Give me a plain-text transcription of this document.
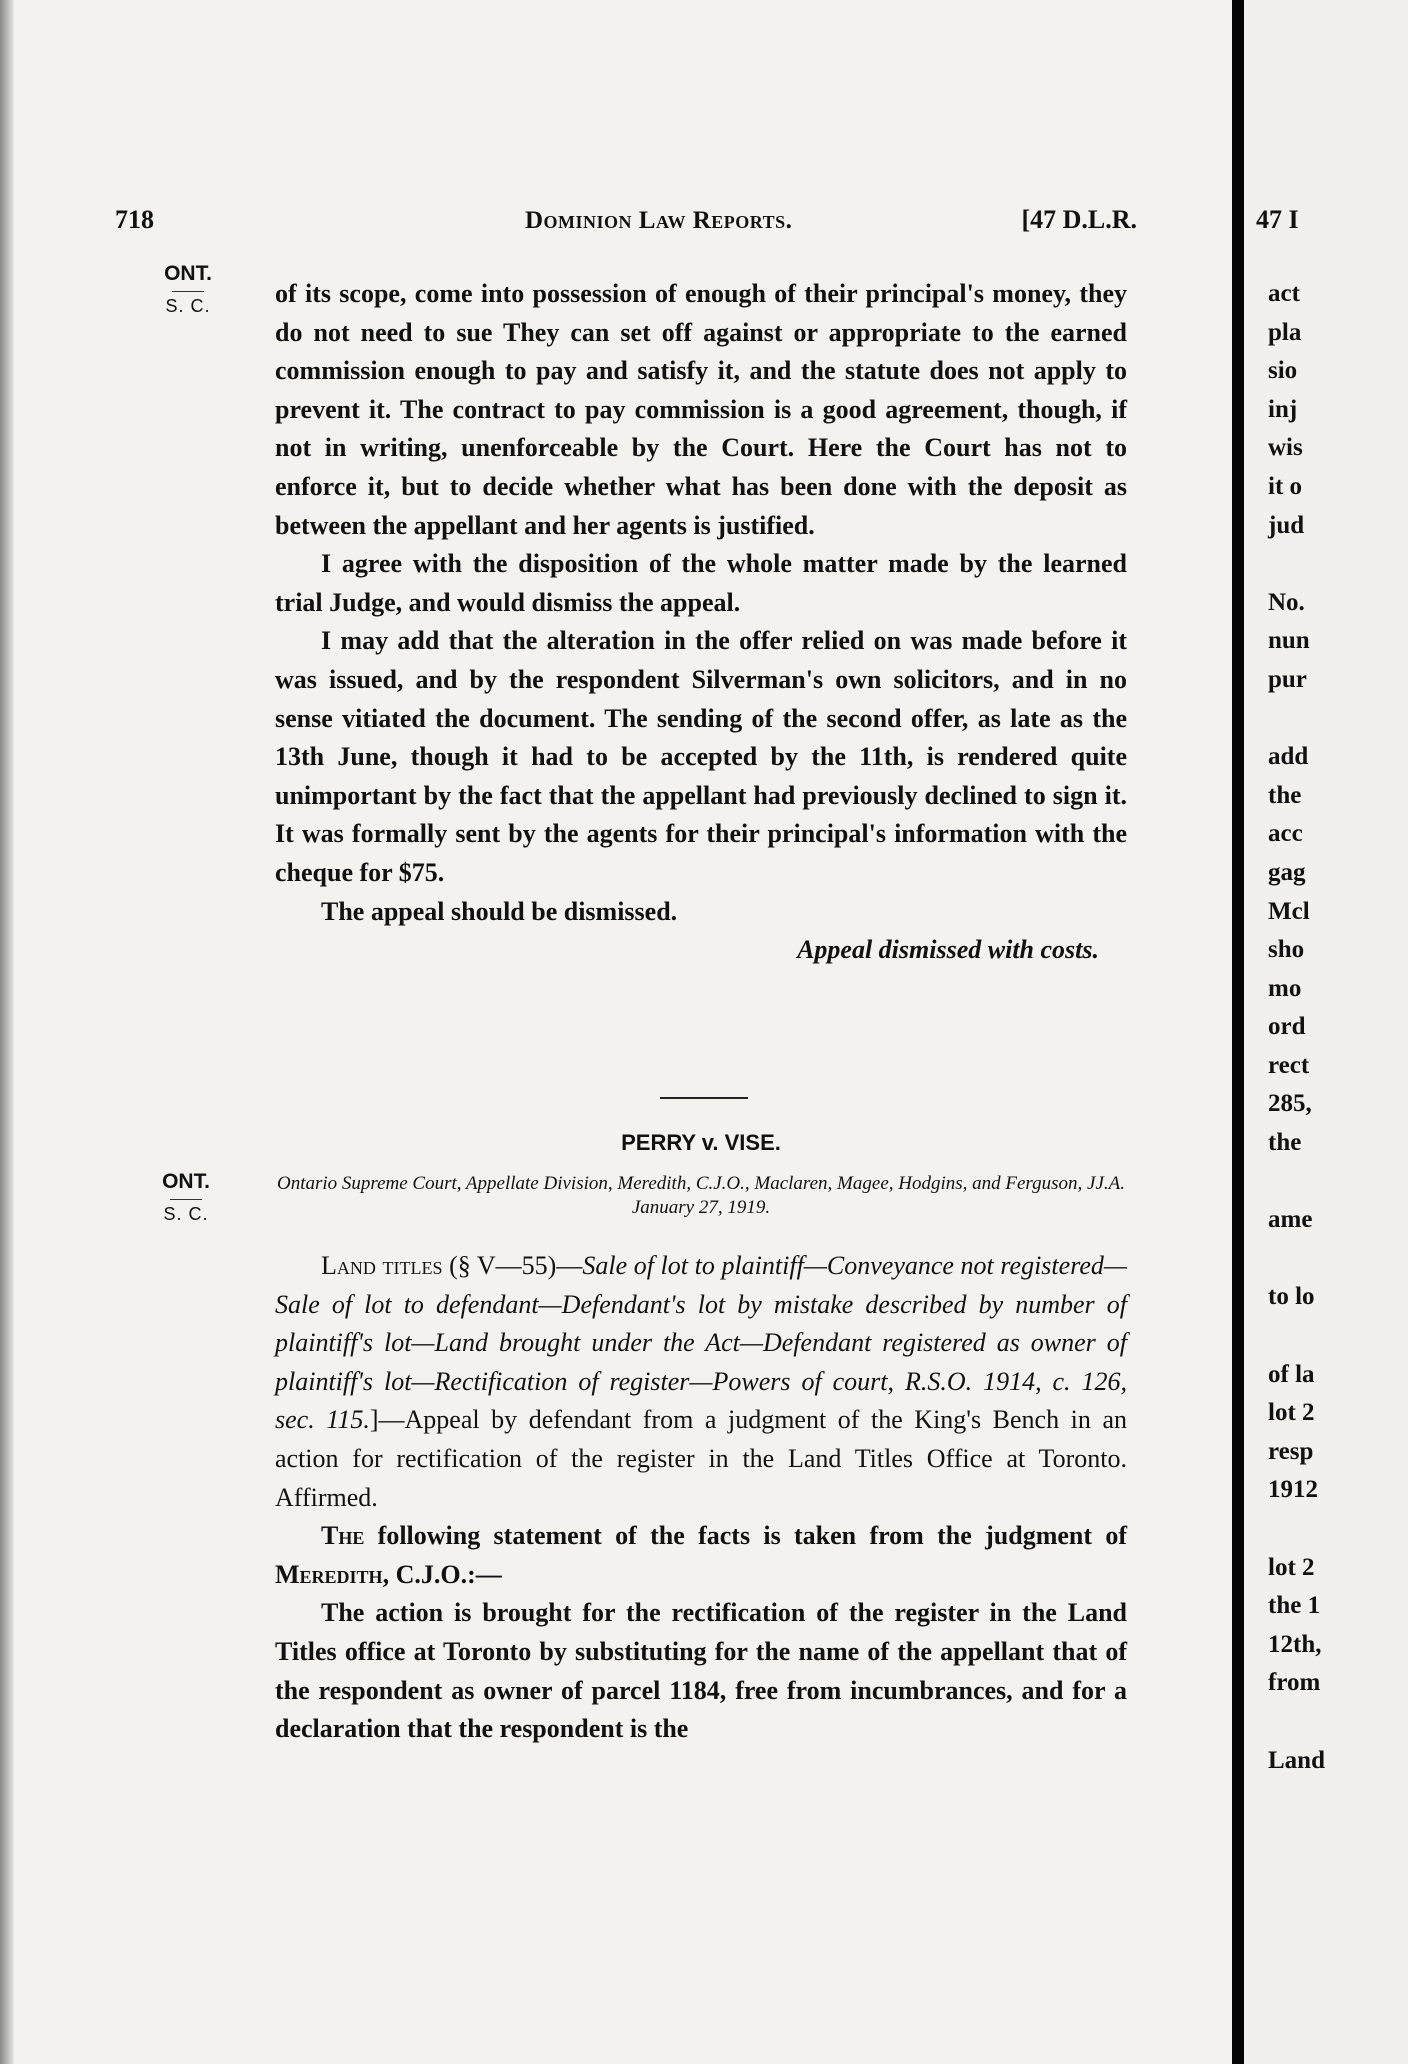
718	Dominion Law Reports.	[47 D.L.R.
ONT.
S. C. of its scope, come into possession of enough of their principal's money, they do not need to sue They can set off against or appropriate to the earned commission enough to pay and satisfy it, and the statute does not apply to prevent it. The contract to pay commission is a good agreement, though, if not in writing, unenforceable by the Court. Here the Court has not to enforce it, but to decide whether what has been done with the deposit as between the appellant and her agents is justified.

I agree with the disposition of the whole matter made by the learned trial Judge, and would dismiss the appeal.

I may add that the alteration in the offer relied on was made before it was issued, and by the respondent Silverman's own solicitors, and in no sense vitiated the document. The sending of the second offer, as late as the 13th June, though it had to be accepted by the 11th, is rendered quite unimportant by the fact that the appellant had previously declined to sign it. It was formally sent by the agents for their principal's information with the cheque for $75.

The appeal should be dismissed.

Appeal dismissed with costs.

PERRY v. VISE.
ONT.
S. C.
Ontario Supreme Court, Appellate Division, Meredith, C.J.O., Maclaren, Magee, Hodgins, and Ferguson, JJ.A. January 27, 1919.

Land titles (§ V—55)—Sale of lot to plaintiff—Conveyance not registered—Sale of lot to defendant—Defendant's lot by mistake described by number of plaintiff's lot—Land brought under the Act—Defendant registered as owner of plaintiff's lot—Rectification of register—Powers of court, R.S.O. 1914, c. 126, sec. 115.]—Appeal by defendant from a judgment of the King's Bench in an action for rectification of the register in the Land Titles Office at Toronto. Affirmed.

The following statement of the facts is taken from the judgment of Meredith, C.J.O.:—

The action is brought for the rectification of the register in the Land Titles office at Toronto by substituting for the name of the appellant that of the respondent as owner of parcel 1184, free from incumbrances, and for a declaration that the respondent is the

47 I
act
pla
sio
inj
wis
it o
jud

No.
nun
pur

add
the
acc
gag
Mcl
sho
mo
ord
rect
285,
the

ame

to lo

of la
lot 2
resp
1912

lot 2
the 1
12th,
from

Land
